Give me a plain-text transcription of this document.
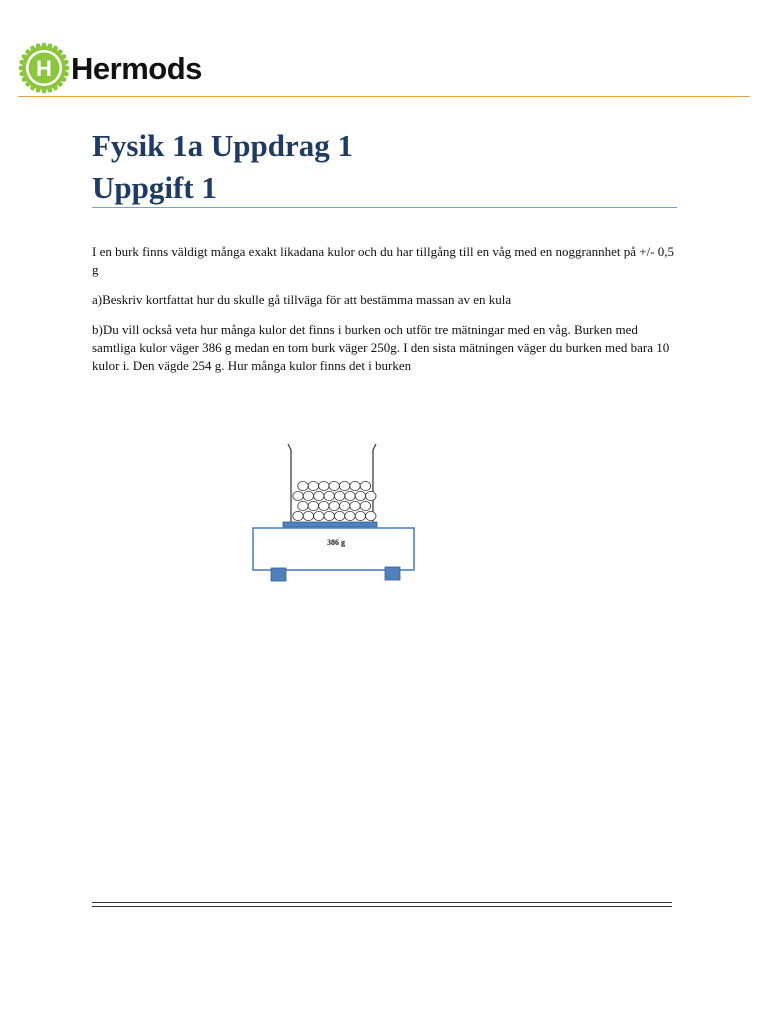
H Hermods
Fysik 1a Uppdrag 1
Uppgift 1

I en burk finns väldigt många exakt likadana kulor och du har tillgång till en våg med en noggrannhet på +/- 0,5 g

a)Beskriv kortfattat hur du skulle gå tillväga för att bestämma massan av en kula

b)Du vill också veta hur många kulor det finns i burken och utför tre mätningar med en våg. Burken med samtliga kulor väger 386 g medan en tom burk väger 250g. I den sista mätningen väger du burken med bara 10 kulor i. Den vägde 254 g. Hur många kulor finns det i burken

386 g
